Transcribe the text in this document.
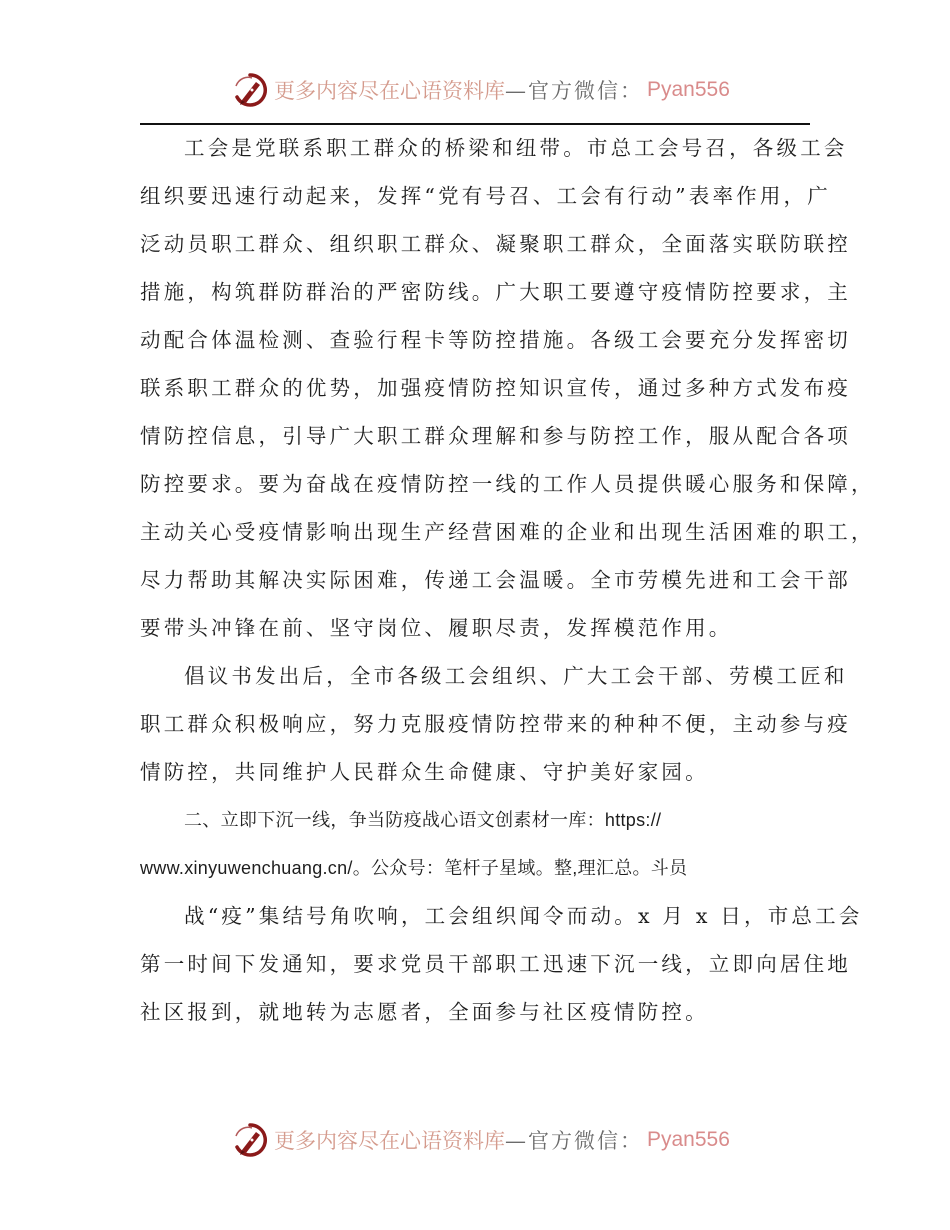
更多内容尽在心语资料库 —官方微信： Pyan556
工会是党联系职工群众的桥梁和纽带。市总工会号召，各级工会
组织要迅速行动起来，发挥“党有号召、工会有行动”表率作用，广
泛动员职工群众、组织职工群众、凝聚职工群众，全面落实联防联控
措施，构筑群防群治的严密防线。广大职工要遵守疫情防控要求，主
动配合体温检测、查验行程卡等防控措施。各级工会要充分发挥密切
联系职工群众的优势，加强疫情防控知识宣传，通过多种方式发布疫
情防控信息，引导广大职工群众理解和参与防控工作，服从配合各项
防控要求。要为奋战在疫情防控一线的工作人员提供暖心服务和保障，
主动关心受疫情影响出现生产经营困难的企业和出现生活困难的职工，
尽力帮助其解决实际困难，传递工会温暖。全市劳模先进和工会干部
要带头冲锋在前、坚守岗位、履职尽责，发挥模范作用。
倡议书发出后，全市各级工会组织、广大工会干部、劳模工匠和
职工群众积极响应，努力克服疫情防控带来的种种不便，主动参与疫
情防控，共同维护人民群众生命健康、守护美好家园。
二、立即下沉一线，争当防疫战心语文创素材一库：https://
www.xinyuwenchuang.cn/。公众号：笔杆子星域。整,理汇总。斗员
战“疫”集结号角吹响，工会组织闻令而动。x 月 x 日，市总工会
第一时间下发通知，要求党员干部职工迅速下沉一线，立即向居住地
社区报到，就地转为志愿者，全面参与社区疫情防控。
更多内容尽在心语资料库 —官方微信： Pyan556
